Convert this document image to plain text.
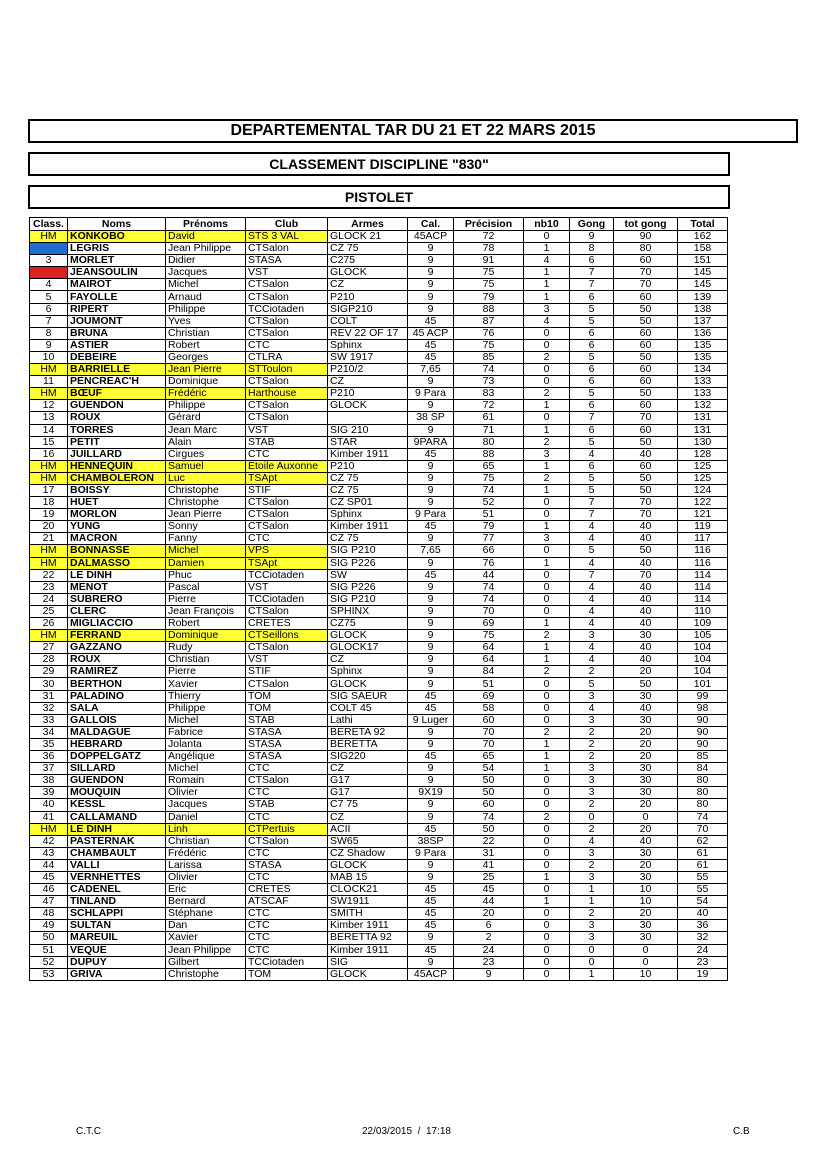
DEPARTEMENTAL TAR DU 21 ET 22 MARS 2015
CLASSEMENT DISCIPLINE "830"
PISTOLET
Class.	Noms	Prénoms	Club	Armes	Cal.	Précision	nb10	Gong	tot gong	Total
HM	KONKOBO	David	STS 3 VAL	GLOCK 21	45ACP	72	0	9	90	162
1	LEGRIS	Jean Philippe	CTSalon	CZ 75	9	78	1	8	80	158
3	MORLET	Didier	STASA	C275	9	91	4	6	60	151
3	JEANSOULIN	Jacques	VST	GLOCK	9	75	1	7	70	145
4	MAIROT	Michel	CTSalon	CZ	9	75	1	7	70	145
5	FAYOLLE	Arnaud	CTSalon	P210	9	79	1	6	60	139
6	RIPERT	Philippe	TCCiotaden	SIGP210	9	88	3	5	50	138
7	JOUMONT	Yves	CTSalon	COLT	45	87	4	5	50	137
8	BRUNA	Christian	CTSalon	REV 22 OF 17	45 ACP	76	0	6	60	136
9	ASTIER	Robert	CTC	Sphinx	45	75	0	6	60	135
10	DEBEIRE	Georges	CTLRA	SW 1917	45	85	2	5	50	135
HM	BARRIELLE	Jean Pierre	STToulon	P210/2	7,65	74	0	6	60	134
11	PENCREAC'H	Dominique	CTSalon	CZ	9	73	0	6	60	133
HM	BŒUF	Frédéric	Harthouse	P210	9 Para	83	2	5	50	133
12	GUENDON	Philippe	CTSalon	GLOCK	9	72	1	6	60	132
13	ROUX	Gérard	CTSalon		38 SP	61	0	7	70	131
14	TORRES	Jean Marc	VST	SIG 210	9	71	1	6	60	131
15	PETIT	Alain	STAB	STAR	9PARA	80	2	5	50	130
16	JUILLARD	Cirgues	CTC	Kimber 1911	45	88	3	4	40	128
HM	HENNEQUIN	Samuel	Etoile Auxonne	P210	9	65	1	6	60	125
HM	CHAMBOLERON	Luc	TSApt	CZ 75	9	75	2	5	50	125
17	BOISSY	Christophe	STIF	CZ 75	9	74	1	5	50	124
18	HUET	Christophe	CTSalon	CZ SP01	9	52	0	7	70	122
19	MORLON	Jean Pierre	CTSalon	Sphinx	9 Para	51	0	7	70	121
20	YUNG	Sonny	CTSalon	Kimber 1911	45	79	1	4	40	119
21	MACRON	Fanny	CTC	CZ 75	9	77	3	4	40	117
HM	BONNASSE	Michel	VPS	SIG P210	7,65	66	0	5	50	116
HM	DALMASSO	Damien	TSApt	SIG P226	9	76	1	4	40	116
22	LE DINH	Phuc	TCCiotaden	SW	45	44	0	7	70	114
23	MENOT	Pascal	VST	SIG P226	9	74	0	4	40	114
24	SUBRERO	Pierre	TCCiotaden	SIG P210	9	74	0	4	40	114
25	CLERC	Jean François	CTSalon	SPHINX	9	70	0	4	40	110
26	MIGLIACCIO	Robert	CRETES	CZ75	9	69	1	4	40	109
HM	FERRAND	Dominique	CTSeillons	GLOCK	9	75	2	3	30	105
27	GAZZANO	Rudy	CTSalon	GLOCK17	9	64	1	4	40	104
28	ROUX	Christian	VST	CZ	9	64	1	4	40	104
29	RAMIREZ	Pierre	STIF	Sphinx	9	84	2	2	20	104
30	BERTHON	Xavier	CTSalon	GLOCK	9	51	0	5	50	101
31	PALADINO	Thierry	TOM	SIG SAEUR	45	69	0	3	30	99
32	SALA	Philippe	TOM	COLT 45	45	58	0	4	40	98
33	GALLOIS	Michel	STAB	Lathi	9 Luger	60	0	3	30	90
34	MALDAGUE	Fabrice	STASA	BERETA 92	9	70	2	2	20	90
35	HEBRARD	Jolanta	STASA	BERETTA	9	70	1	2	20	90
36	DOPPELGATZ	Angélique	STASA	SIG220	45	65	1	2	20	85
37	SILLARD	Michel	CTC	CZ	9	54	1	3	30	84
38	GUENDON	Romain	CTSalon	G17	9	50	0	3	30	80
39	MOUQUIN	Olivier	CTC	G17	9X19	50	0	3	30	80
40	KESSL	Jacques	STAB	C7 75	9	60	0	2	20	80
41	CALLAMAND	Daniel	CTC	CZ	9	74	2	0	0	74
HM	LE DINH	Linh	CTPertuis	ACII	45	50	0	2	20	70
42	PASTERNAK	Christian	CTSalon	SW65	38SP	22	0	4	40	62
43	CHAMBAULT	Frédéric	CTC	CZ Shadow	9 Para	31	0	3	30	61
44	VALLI	Larissa	STASA	GLOCK	9	41	0	2	20	61
45	VERNHETTES	Olivier	CTC	MAB 15	9	25	1	3	30	55
46	CADENEL	Eric	CRETES	CLOCK21	45	45	0	1	10	55
47	TINLAND	Bernard	ATSCAF	SW1911	45	44	1	1	10	54
48	SCHLAPPI	Stéphane	CTC	SMITH	45	20	0	2	20	40
49	SULTAN	Dan	CTC	Kimber 1911	45	6	0	3	30	36
50	MAREUIL	Xavier	CTC	BERETTA 92	9	2	0	3	30	32
51	VEQUE	Jean Philippe	CTC	Kimber 1911	45	24	0	0	0	24
52	DUPUY	Gilbert	TCCiotaden	SIG	9	23	0	0	0	23
53	GRIVA	Christophe	TOM	GLOCK	45ACP	9	0	1	10	19
C.T.C	22/03/2015  /  17:18	C.B
